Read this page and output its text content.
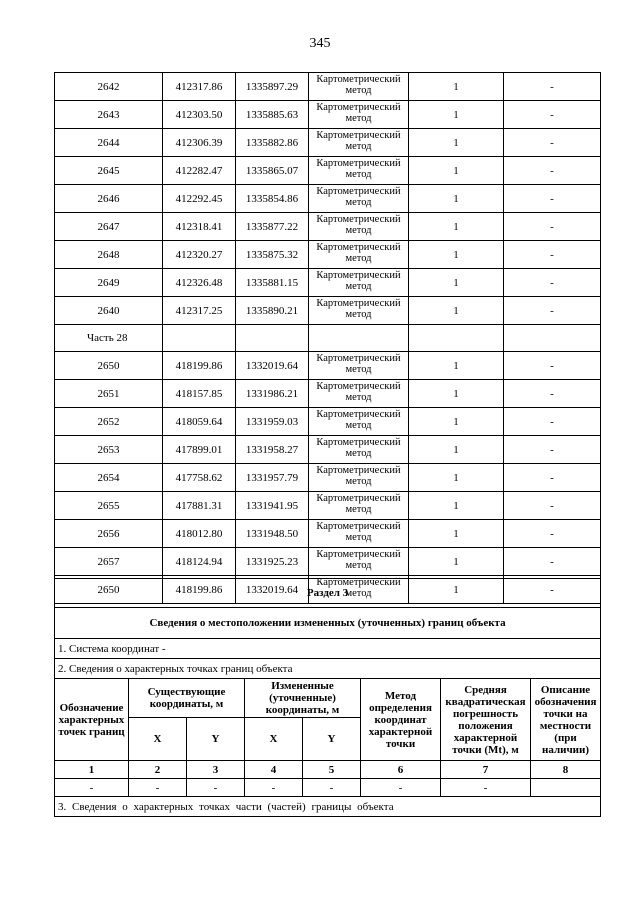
345
2642	412317.86	1335897.29	Картометрический метод	1	-
2643	412303.50	1335885.63	Картометрический метод	1	-
2644	412306.39	1335882.86	Картометрический метод	1	-
2645	412282.47	1335865.07	Картометрический метод	1	-
2646	412292.45	1335854.86	Картометрический метод	1	-
2647	412318.41	1335877.22	Картометрический метод	1	-
2648	412320.27	1335875.32	Картометрический метод	1	-
2649	412326.48	1335881.15	Картометрический метод	1	-
2640	412317.25	1335890.21	Картометрический метод	1	-
Часть 28					
2650	418199.86	1332019.64	Картометрический метод	1	-
2651	418157.85	1331986.21	Картометрический метод	1	-
2652	418059.64	1331959.03	Картометрический метод	1	-
2653	417899.01	1331958.27	Картометрический метод	1	-
2654	417758.62	1331957.79	Картометрический метод	1	-
2655	417881.31	1331941.95	Картометрический метод	1	-
2656	418012.80	1331948.50	Картометрический метод	1	-
2657	418124.94	1331925.23	Картометрический метод	1	-
2650	418199.86	1332019.64	Картометрический метод	1	-
Раздел 3							
Сведения о местоположении измененных (уточненных) границ объекта							
1. Система координат -							
2. Сведения о характерных точках границ объекта							
Обозначение характерных точек границ	Существующие координаты, м		Измененные (уточненные) координаты, м		Метод определения координат характерной точки	Средняя квадратическая погрешность положения характерной точки (Mt), м	Описание обозначения точки на местности (при наличии)
	X	Y	X	Y			
1	2	3	4	5	6	7	8
-	-	-	-	-	-	-	
3. Сведения о характерных точках части (частей) границы объекта							
